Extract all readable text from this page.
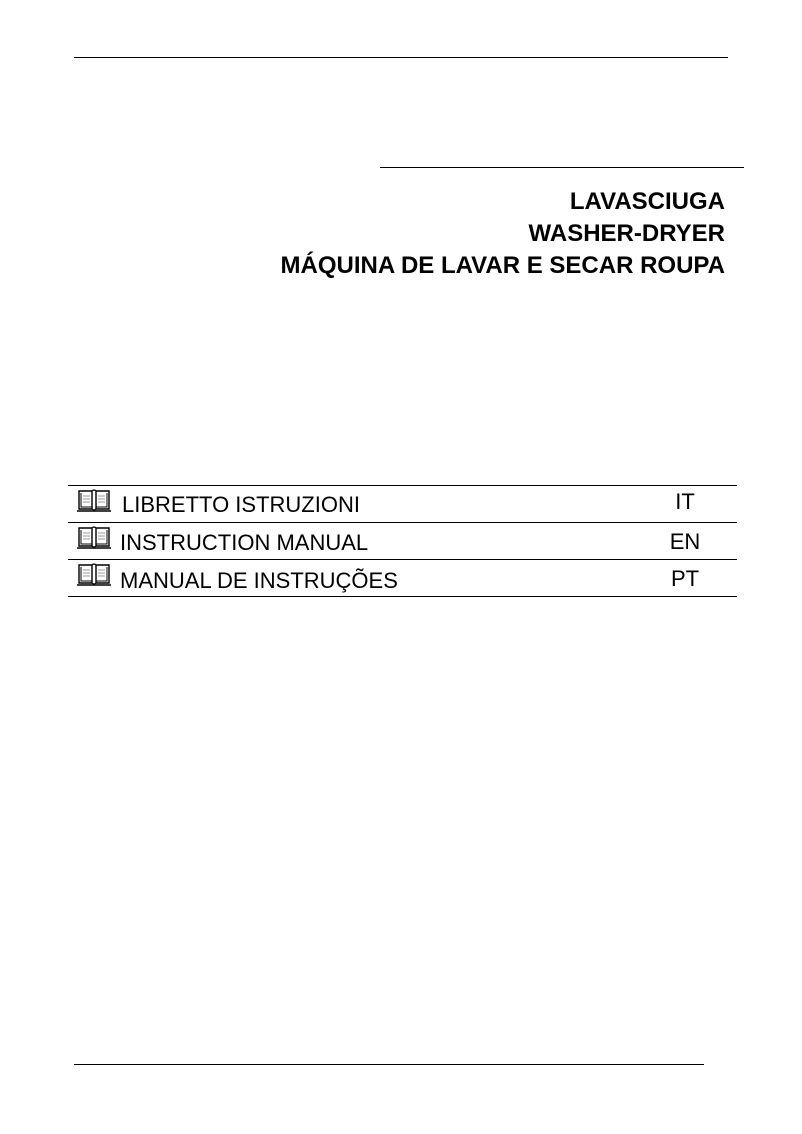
LAVASCIUGA
WASHER-DRYER
MÁQUINA DE LAVAR E SECAR ROUPA
LIBRETTO ISTRUZIONI	IT
INSTRUCTION MANUAL	EN
MANUAL DE INSTRUÇÕES	PT
